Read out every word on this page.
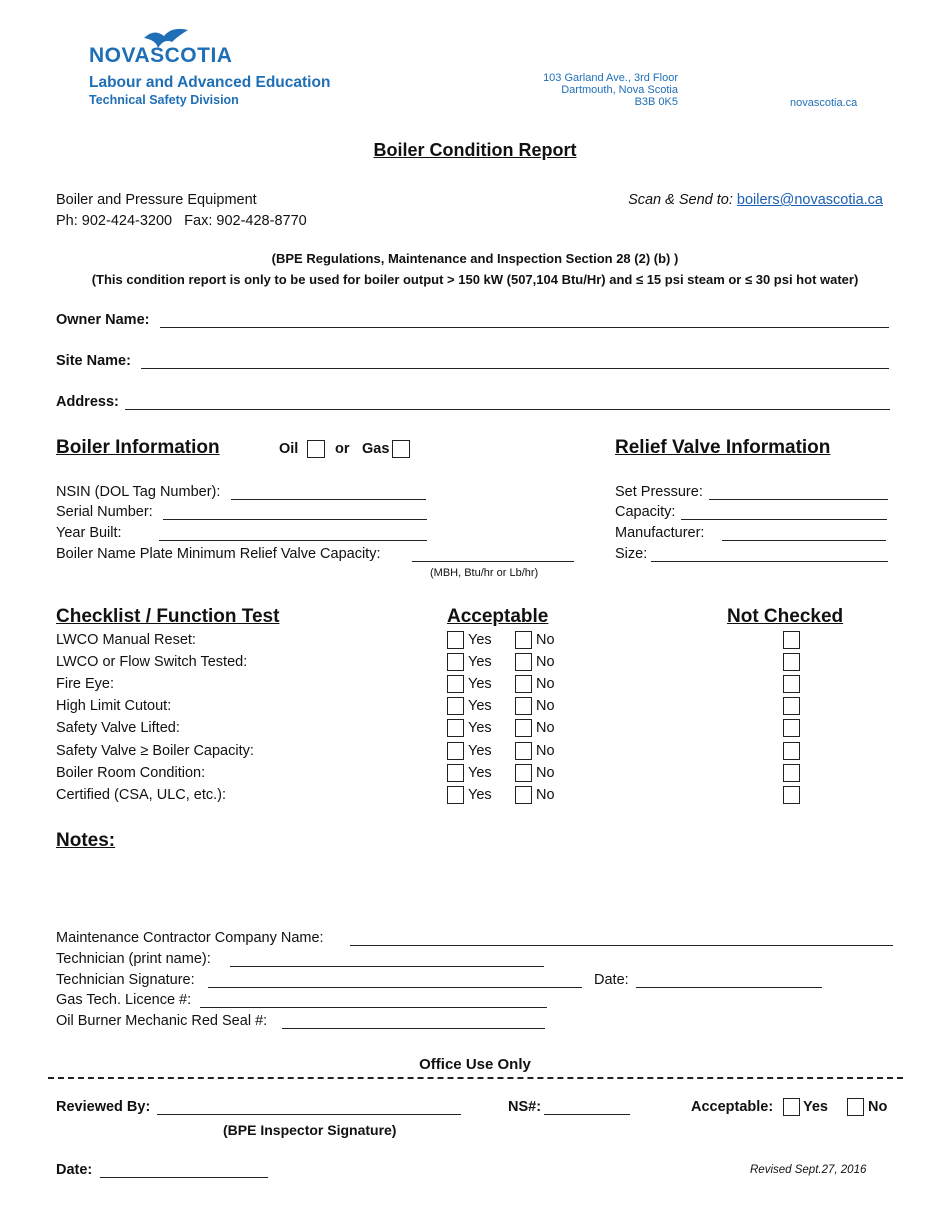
NOVASCOTIA
Labour and Advanced Education
Technical Safety Division
103 Garland Ave., 3rd Floor
Dartmouth, Nova Scotia
B3B 0K5	novascotia.ca
Boiler Condition Report
Boiler and Pressure Equipment
Ph: 902-424-3200   Fax: 902-428-8770
Scan & Send to: boilers@novascotia.ca
(BPE Regulations, Maintenance and Inspection Section 28 (2) (b) )
(This condition report is only to be used for boiler output > 150 kW (507,104 Btu/Hr) and ≤ 15 psi steam or ≤ 30 psi hot water)
Owner Name:
Site Name:
Address:
Boiler Information	Oil	or Gas
NSIN (DOL Tag Number):
Serial Number:
Year Built:
Boiler Name Plate Minimum Relief Valve Capacity:
(MBH, Btu/hr or Lb/hr)
Relief Valve Information
Set Pressure:
Capacity:
Manufacturer:
Size:
Checklist / Function Test	Acceptable	Not Checked
LWCO Manual Reset:	Yes	No
LWCO or Flow Switch Tested:	Yes	No
Fire Eye:	Yes	No
High Limit Cutout:	Yes	No
Safety Valve Lifted:	Yes	No
Safety Valve ≥ Boiler Capacity:	Yes	No
Boiler Room Condition:	Yes	No
Certified (CSA, ULC, etc.):	Yes	No
Notes:
Maintenance Contractor Company Name:
Technician (print name):
Technician Signature:	Date:
Gas Tech. Licence #:
Oil Burner Mechanic Red Seal #:
Office Use Only
Reviewed By:
(BPE Inspector Signature)
NS#:	Acceptable: Yes	No
Date:	Revised Sept.27, 2016
